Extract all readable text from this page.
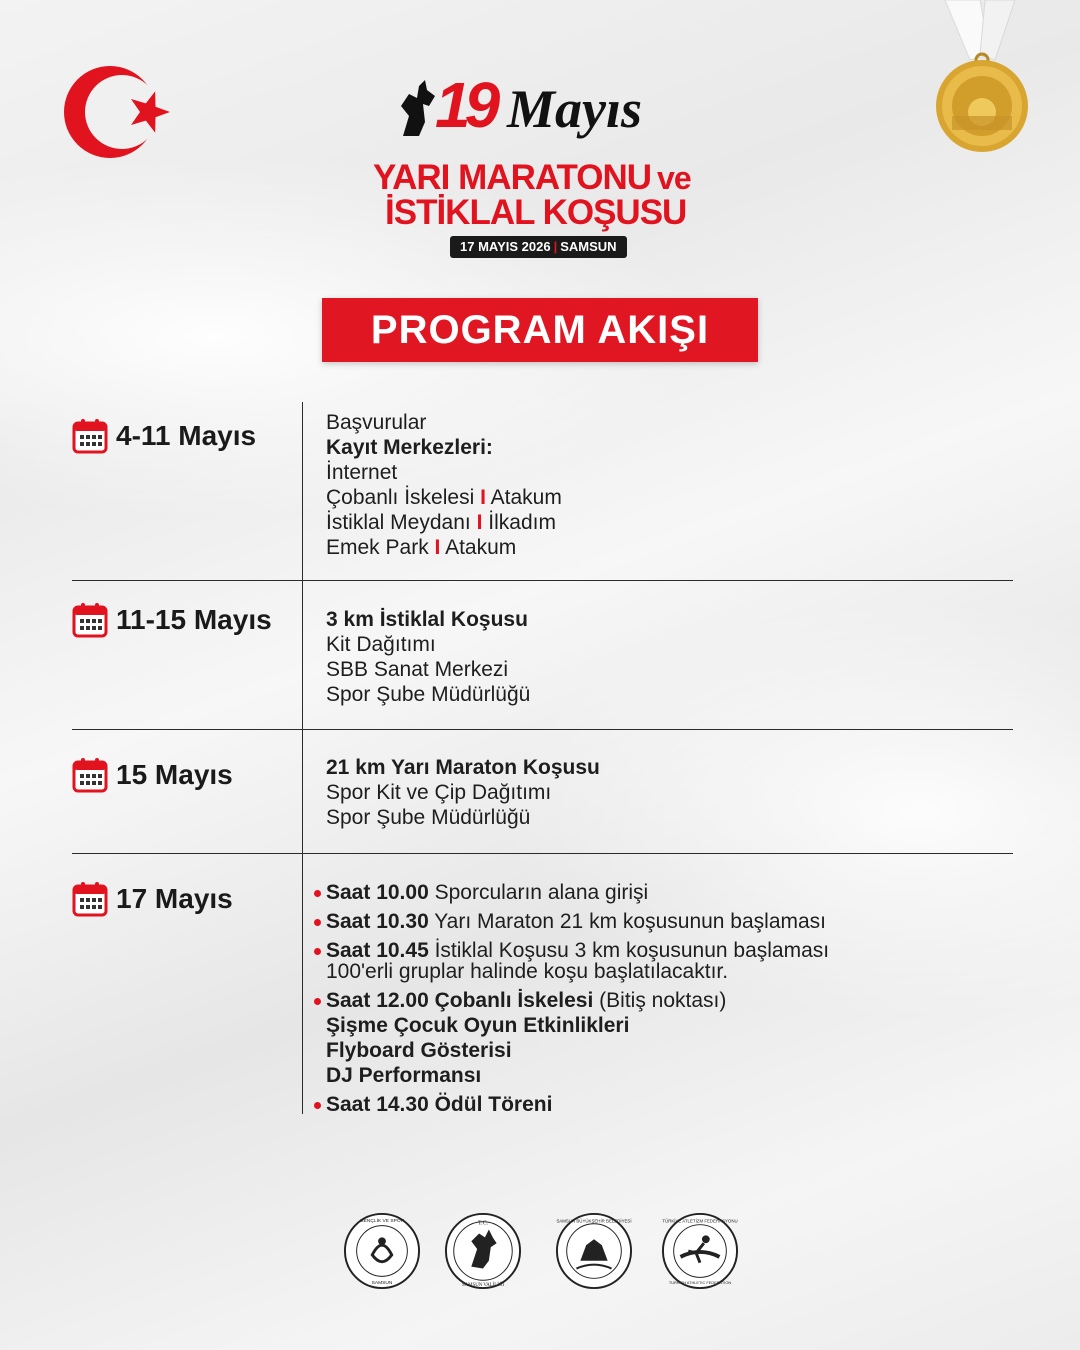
19 Mayıs
YARI MARATONU ve
İSTİKLAL KOŞUSU
17 MAYIS 2026 | SAMSUN
PROGRAM AKIŞI
4-11 Mayıs	Başvurular
Kayıt Merkezleri:
İnternet
Çobanlı İskelesi I Atakum
İstiklal Meydanı I İlkadım
Emek Park I Atakum
11-15 Mayıs	3 km İstiklal Koşusu
Kit Dağıtımı
SBB Sanat Merkezi
Spor Şube Müdürlüğü
15 Mayıs	21 km Yarı Maraton Koşusu
Spor Kit ve Çip Dağıtımı
Spor Şube Müdürlüğü
17 Mayıs	Saat 10.00 Sporcuların alana girişi
Saat 10.30 Yarı Maraton 21 km koşusunun başlaması
Saat 10.45 İstiklal Koşusu 3 km koşusunun başlaması
100'erli gruplar halinde koşu başlatılacaktır.
Saat 12.00 Çobanlı İskelesi (Bitiş noktası)
Şişme Çocuk Oyun Etkinlikleri
Flyboard Gösterisi
DJ Performansı
Saat 14.30 Ödül Töreni
GENÇLİK VE SPOR
SAMSUN
T.C.
SAMSUN VALİLİĞİ
SAMSUN BÜYÜKŞEHİR BELEDİYESİ	TÜRKİYE ATLETİZM FEDERASYONU
TURKISH ATHLETIC FEDERATION
